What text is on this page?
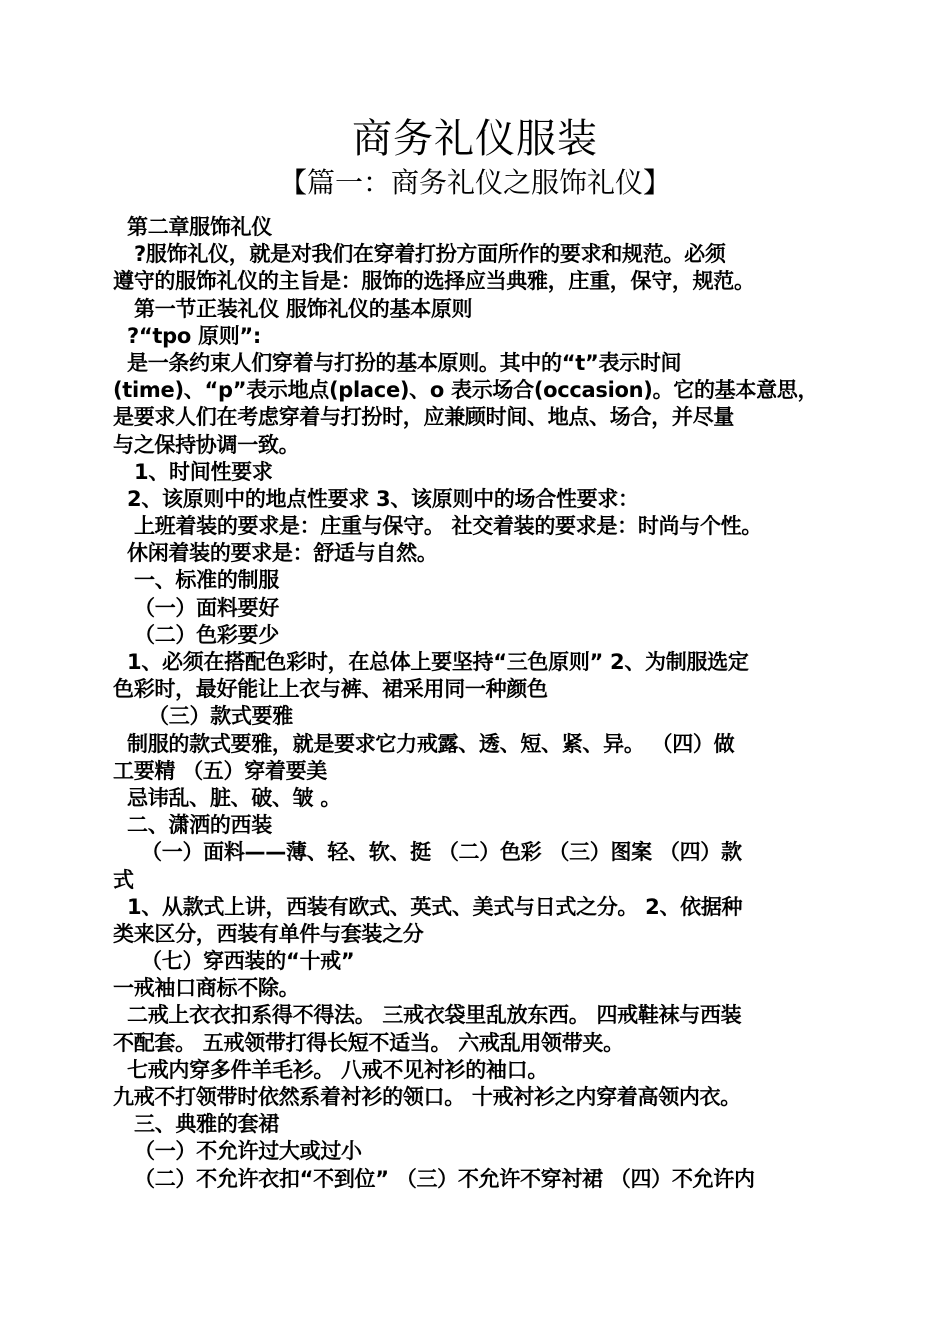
商务礼仪服装
【篇一：商务礼仪之服饰礼仪】
第二章服饰礼仪
?服饰礼仪，就是对我们在穿着打扮方面所作的要求和规范。必须
遵守的服饰礼仪的主旨是：服饰的选择应当典雅，庄重，保守，规范。
第一节正装礼仪 服饰礼仪的基本原则
?“tpo 原则”:
是一条约束人们穿着与打扮的基本原则。其中的“t”表示时间
(time)、“p”表示地点(place)、o 表示场合(occasion)。它的基本意思，
是要求人们在考虑穿着与打扮时，应兼顾时间、地点、场合，并尽量
与之保持协调一致。
1、时间性要求
2、该原则中的地点性要求 3、该原则中的场合性要求：
上班着装的要求是：庄重与保守。 社交着装的要求是：时尚与个性。
休闲着装的要求是：舒适与自然。
一、标准的制服
（一）面料要好
（二）色彩要少
1、必须在搭配色彩时，在总体上要坚持“三色原则” 2、为制服选定
色彩时，最好能让上衣与裤、裙采用同一种颜色
（三）款式要雅
制服的款式要雅，就是要求它力戒露、透、短、紧、异。 （四）做
工要精 （五）穿着要美
忌讳乱、脏、破、皱 。
二、潇洒的西装
（一）面料——薄、轻、软、挺 （二）色彩 （三）图案 （四）款
式
1、从款式上讲，西装有欧式、英式、美式与日式之分。 2、依据种
类来区分，西装有单件与套装之分
（七）穿西装的“十戒”
一戒袖口商标不除。
二戒上衣衣扣系得不得法。 三戒衣袋里乱放东西。 四戒鞋袜与西装
不配套。 五戒领带打得长短不适当。 六戒乱用领带夹。
七戒内穿多件羊毛衫。 八戒不见衬衫的袖口。
九戒不打领带时依然系着衬衫的领口。 十戒衬衫之内穿着高领内衣。
三、典雅的套裙
（一）不允许过大或过小
（二）不允许衣扣“不到位” （三）不允许不穿衬裙 （四）不允许内
